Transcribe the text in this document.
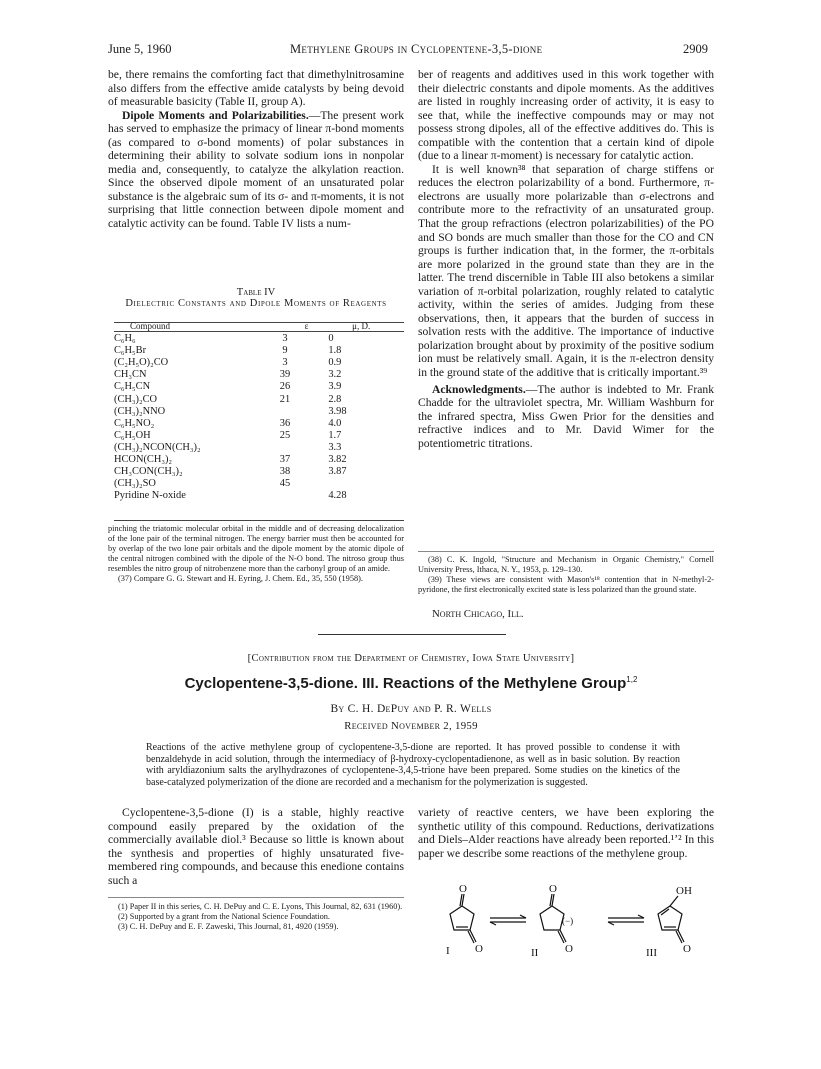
June 5, 1960	Methylene Groups in Cyclopentene-3,5-dione	2909

be, there remains the comforting fact that dimethylnitrosamine also differs from the effective amide catalysts by being devoid of measurable basicity (Table II, group A).

Dipole Moments and Polarizabilities.—The present work has served to emphasize the primacy of linear π-bond moments (as compared to σ-bond moments) of polar substances in determining their ability to solvate sodium ions in nonpolar media and, consequently, to catalyze the alkylation reaction. Since the observed dipole moment of an unsaturated polar substance is the algebraic sum of its σ- and π-moments, it is not surprising that little connection between dipole moment and catalytic activity can be found. Table IV lists a num-

Table IV
Dielectric Constants and Dipole Moments of Reagents
Compound	ε	μ, D.
C₆H₆	3	0
C₆H₅Br	9	1.8
(C₂H₅O)₂CO	3	0.9
CH₃CN	39	3.2
C₆H₅CN	26	3.9
(CH₃)₂CO	21	2.8
(CH₃)₂NNO		3.98
C₆H₅NO₂	36	4.0
C₆H₅OH	25	1.7
(CH₃)₂NCON(CH₃)₂		3.3
HCON(CH₃)₂	37	3.82
CH₃CON(CH₃)₂	38	3.87
(CH₃)₂SO	45	
Pyridine N-oxide		4.28

pinching the triatomic molecular orbital in the middle and of decreasing delocalization of the lone pair of the terminal nitrogen. The energy barrier must then be accounted for by overlap of the two lone pair orbitals and the dipole moment by the atomic dipole of the central nitrogen combined with the dipole of the N-O bond. The nitroso group thus resembles the nitro group of nitrobenzene more than the carbonyl group of an amide.

(37) Compare G. G. Stewart and H. Eyring, J. Chem. Ed., 35, 550 (1958).

ber of reagents and additives used in this work together with their dielectric constants and dipole moments. As the additives are listed in roughly increasing order of activity, it is easy to see that, while the ineffective compounds may or may not possess strong dipoles, all of the effective additives do. This is compatible with the contention that a certain kind of dipole (due to a linear π-moment) is necessary for catalytic action.

It is well known³⁸ that separation of charge stiffens or reduces the electron polarizability of a bond. Furthermore, π-electrons are usually more polarizable than σ-electrons and contribute more to the refractivity of an unsaturated group. That the group refractions (electron polarizabilities) of the PO and SO bonds are much smaller than those for the CO and CN groups is further indication that, in the former, the π-orbitals are more polarized in the ground state than they are in the latter. The trend discernible in Table III also betokens a similar variation of π-orbital polarization, roughly related to catalytic activity, within the series of amides. Judging from these observations, then, it appears that the burden of success in solvation rests with the additive. The importance of inductive polarization brought about by proximity of the positive sodium ion must be relatively small. Again, it is the π-electron density in the ground state of the additive that is critically important.³⁹

Acknowledgments.—The author is indebted to Mr. Frank Chadde for the ultraviolet spectra, Mr. William Washburn for the infrared spectra, Miss Gwen Prior for the densities and refractive indices and to Mr. David Wimer for the potentiometric titrations.

(38) C. K. Ingold, "Structure and Mechanism in Organic Chemistry," Cornell University Press, Ithaca, N. Y., 1953, p. 129–130.

(39) These views are consistent with Mason's¹⁸ contention that in N-methyl-2-pyridone, the first electronically excited state is less polarized than the ground state.

North Chicago, Ill.
[Contribution from the Department of Chemistry, Iowa State University]
Cyclopentene-3,5-dione. III. Reactions of the Methylene Group$^{1,2}$
By C. H. DePuy and P. R. Wells
Received November 2, 1959
Reactions of the active methylene group of cyclopentene-3,5-dione are reported. It has proved possible to condense it with benzaldehyde in acid solution, through the intermediacy of β-hydroxy-cyclopentadienone, as well as in basic solution. By reaction with aryldiazonium salts the arylhydrazones of cyclopentene-3,4,5-trione have been prepared. Some studies on the kinetics of the base-catalyzed polymerization of the dione are recorded and a mechanism for the polymerization is suggested.

Cyclopentene-3,5-dione (I) is a stable, highly reactive compound easily prepared by the oxidation of the commercially available diol.³ Because so little is known about the synthesis and properties of highly unsaturated five-membered ring compounds, and because this enedione contains such a

variety of reactive centers, we have been exploring the synthetic utility of this compound. Reductions, derivatizations and Diels–Alder reactions have already been reported.¹ʼ² In this paper we describe some reactions of the methylene group.

(1) Paper II in this series, C. H. DePuy and C. E. Lyons, This Journal, 82, 631 (1960).

(2) Supported by a grant from the National Science Foundation.

(3) C. H. DePuy and E. F. Zaweski, This Journal, 81, 4920 (1959).

O
O
I
O
O
(−)
II
OH
O
III
